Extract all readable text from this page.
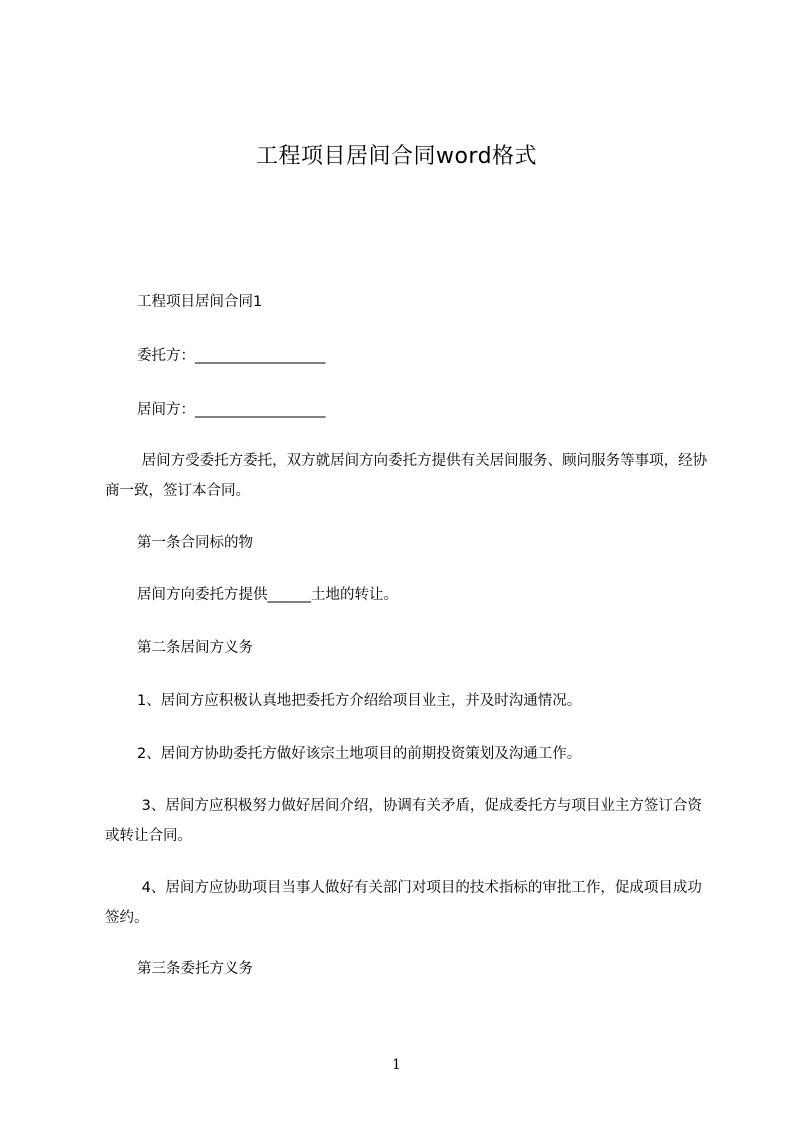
工程项目居间合同word格式
工程项目居间合同1
委托方：__________________
居间方：__________________
居间方受委托方委托，双方就居间方向委托方提供有关居间服务、顾问服务等事项，经协商一致，签订本合同。
第一条合同标的物
居间方向委托方提供______土地的转让。
第二条居间方义务
1、居间方应积极认真地把委托方介绍给项目业主，并及时沟通情况。
2、居间方协助委托方做好该宗土地项目的前期投资策划及沟通工作。
3、居间方应积极努力做好居间介绍，协调有关矛盾，促成委托方与项目业主方签订合资或转让合同。
4、居间方应协助项目当事人做好有关部门对项目的技术指标的审批工作，促成项目成功签约。
第三条委托方义务
1
